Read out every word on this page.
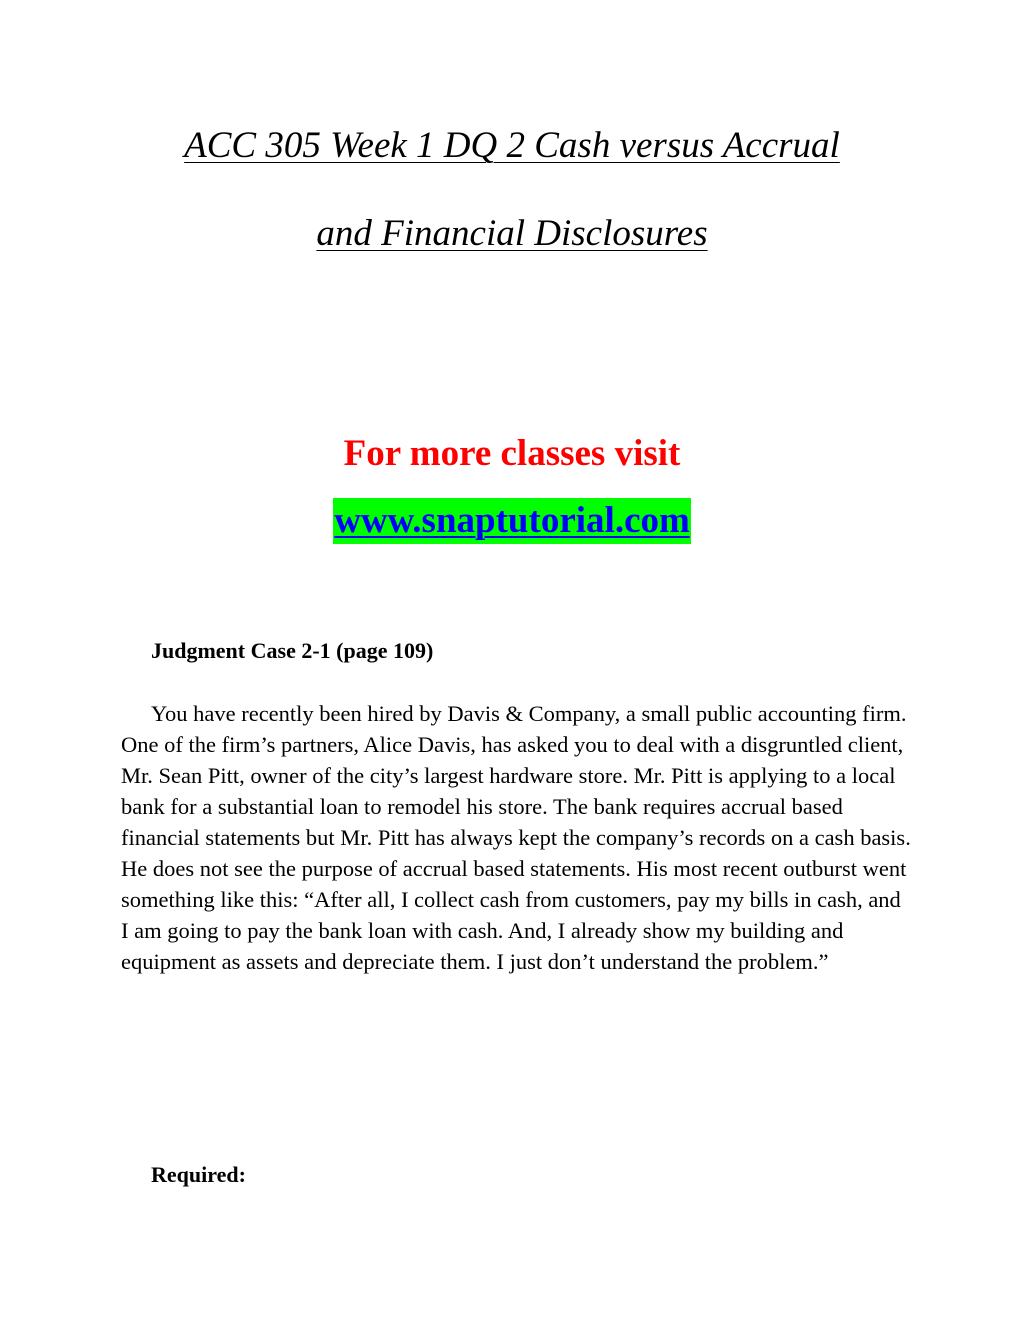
ACC 305 Week 1 DQ 2 Cash versus Accrual
and Financial Disclosures

For more classes visit

www.snaptutorial.com

Judgment Case 2-1 (page 109)

You have recently been hired by Davis & Company, a small public accounting firm. One of the firm’s partners, Alice Davis, has asked you to deal with a disgruntled client, Mr. Sean Pitt, owner of the city’s largest hardware store. Mr. Pitt is applying to a local bank for a substantial loan to remodel his store. The bank requires accrual based financial statements but Mr. Pitt has always kept the company’s records on a cash basis. He does not see the purpose of accrual based statements. His most recent outburst went something like this: “After all, I collect cash from customers, pay my bills in cash, and I am going to pay the bank loan with cash. And, I already show my building and equipment as assets and depreciate them. I just don’t understand the problem.”

Required:
